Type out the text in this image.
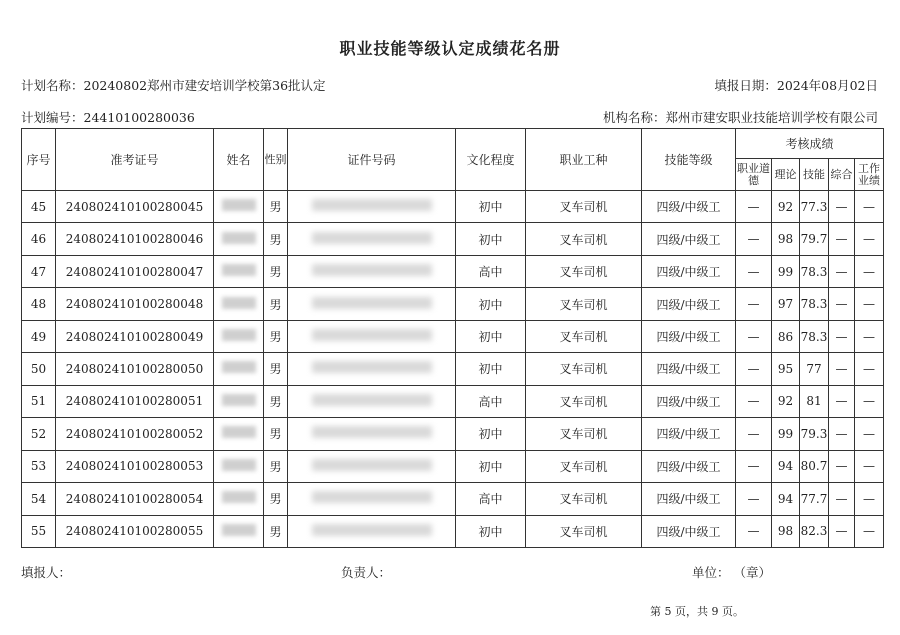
职业技能等级认定成绩花名册
计划名称：20240802郑州市建安培训学校第36批认定	填报日期：2024年08月02日
计划编号：24410100280036	机构名称：郑州市建安职业技能培训学校有限公司
序号	准考证号	姓名	性别	证件号码	文化程度	职业工种	技能等级	考核成绩				
								职业道德	理论	技能	综合	工作业绩
45	240802410100280045		男		初中	叉车司机	四级/中级工	—	92	77.3	—	—
46	240802410100280046		男		初中	叉车司机	四级/中级工	—	98	79.7	—	—
47	240802410100280047		男		高中	叉车司机	四级/中级工	—	99	78.3	—	—
48	240802410100280048		男		初中	叉车司机	四级/中级工	—	97	78.3	—	—
49	240802410100280049		男		初中	叉车司机	四级/中级工	—	86	78.3	—	—
50	240802410100280050		男		初中	叉车司机	四级/中级工	—	95	77	—	—
51	240802410100280051		男		高中	叉车司机	四级/中级工	—	92	81	—	—
52	240802410100280052		男		初中	叉车司机	四级/中级工	—	99	79.3	—	—
53	240802410100280053		男		初中	叉车司机	四级/中级工	—	94	80.7	—	—
54	240802410100280054		男		高中	叉车司机	四级/中级工	—	94	77.7	—	—
55	240802410100280055		男		初中	叉车司机	四级/中级工	—	98	82.3	—	—
填报人：	负责人：	单位： （章）
第 5 页，共 9 页。
